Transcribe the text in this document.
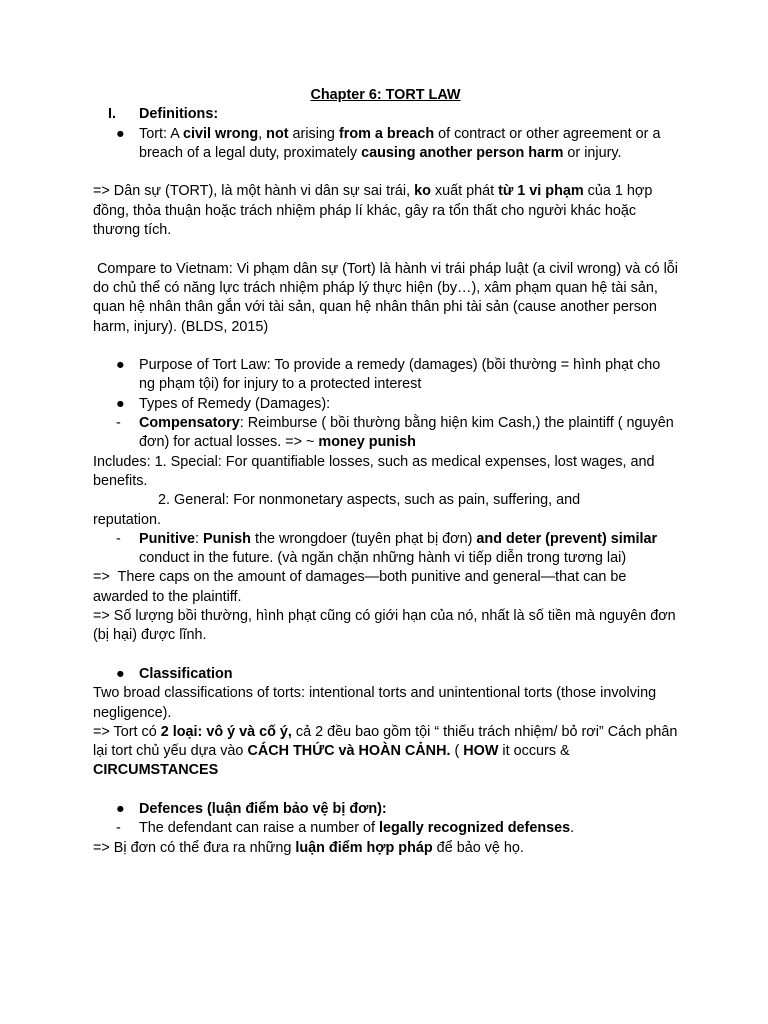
Chapter 6: TORT LAW
I. Definitions:
● Tort: A civil wrong, not arising from a breach of contract or other agreement or a breach of a legal duty, proximately causing another person harm or injury.
=> Dân sự (TORT), là một hành vi dân sự sai trái, ko xuất phát từ 1 vi phạm của 1 hợp đồng, thỏa thuận hoặc trách nhiệm pháp lí khác, gây ra tổn thất cho người khác hoặc thương tích.
Compare to Vietnam: Vi phạm dân sự (Tort) là hành vi trái pháp luật (a civil wrong) và có lỗi do chủ thể có năng lực trách nhiệm pháp lý thực hiện (by…), xâm phạm quan hệ tài sản, quan hệ nhân thân gắn với tài sản, quan hệ nhân thân phi tài sản (cause another person harm, injury). (BLDS, 2015)
● Purpose of Tort Law: To provide a remedy (damages) (bồi thường = hình phạt cho ng phạm tội) for injury to a protected interest
● Types of Remedy (Damages):
- Compensatory: Reimburse ( bồi thường bằng hiện kim Cash,) the plaintiff ( nguyên đơn) for actual losses. => ~ money punish
Includes: 1. Special: For quantifiable losses, such as medical expenses, lost wages, and benefits.
2. General: For nonmonetary aspects, such as pain, suffering, and
reputation.
- Punitive: Punish the wrongdoer (tuyên phạt bị đơn) and deter (prevent) similar conduct in the future. (và ngăn chặn những hành vi tiếp diễn trong tương lai)
=>  There caps on the amount of damages—both punitive and general—that can be awarded to the plaintiff.
=> Số lượng bồi thường, hình phạt cũng có giới hạn của nó, nhất là số tiền mà nguyên đơn (bị hại) được lĩnh.
● Classification
Two broad classifications of torts: intentional torts and unintentional torts (those involving negligence).
=> Tort có 2 loại: vô ý và cố ý, cả 2 đều bao gồm tội “ thiếu trách nhiệm/ bỏ rơi” Cách phân lại tort chủ yếu dựa vào CÁCH THỨC và HOÀN CẢNH. ( HOW it occurs & CIRCUMSTANCES
● Defences (luận điểm bảo vệ bị đơn):
- The defendant can raise a number of legally recognized defenses.
=> Bị đơn có thể đưa ra những luận điểm hợp pháp để bảo vệ họ.
